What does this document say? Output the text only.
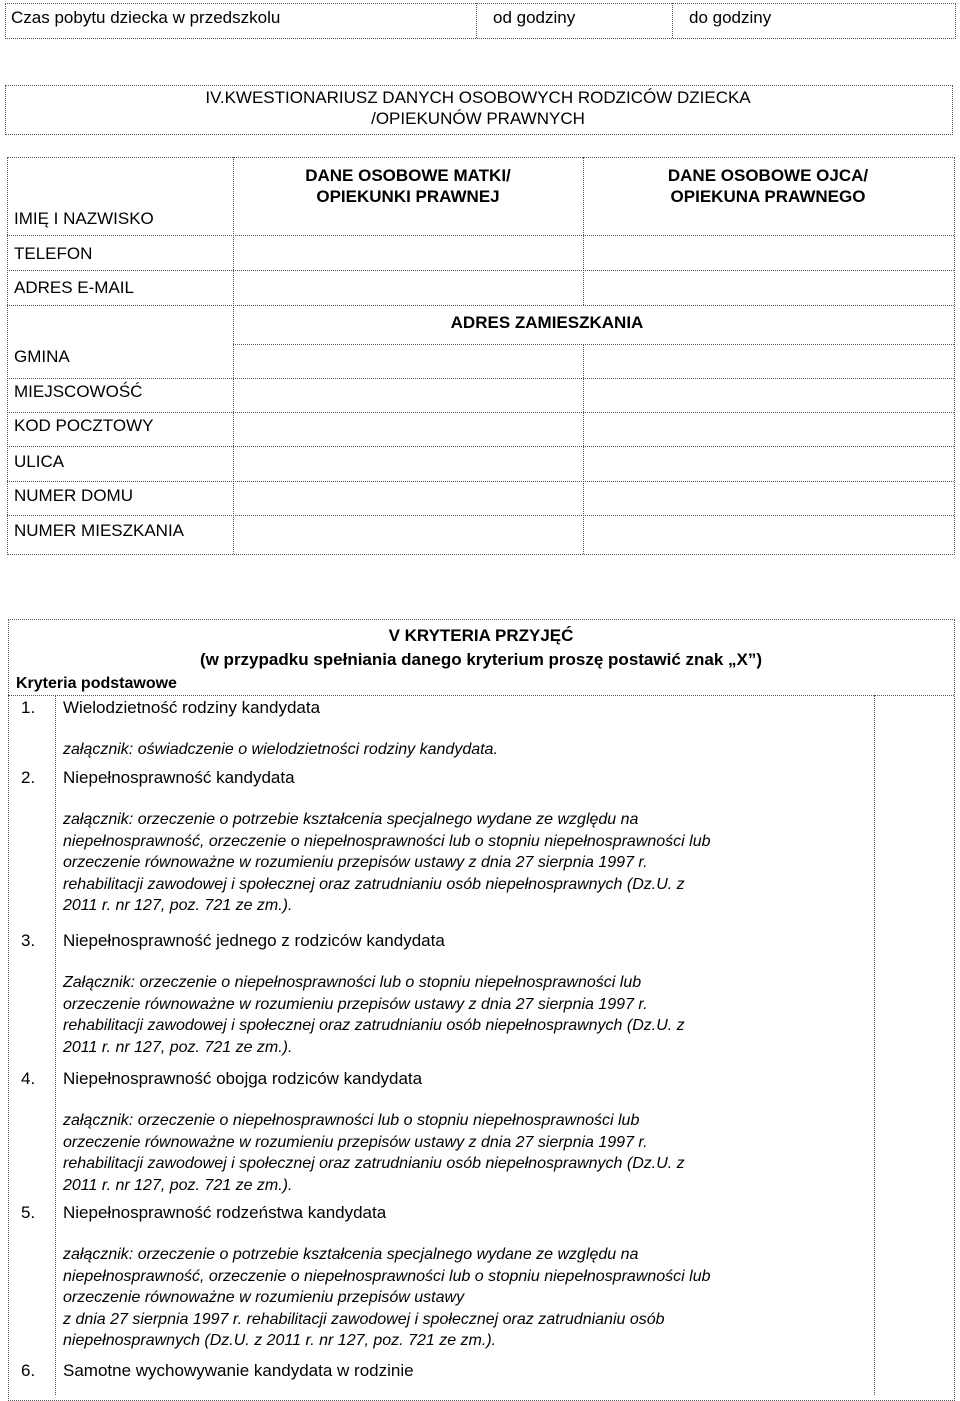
Czas pobytu dziecka w przedszkolu	od godziny	do godziny
IV.KWESTIONARIUSZ DANYCH OSOBOWYCH RODZICÓW DZIECKA
/OPIEKUNÓW PRAWNYCH
DANE OSOBOWE MATKI/
OPIEKUNKI PRAWNEJ
DANE OSOBOWE OJCA/
OPIEKUNA PRAWNEGO
ADRES ZAMIESZKANIA
IMIĘ I NAZWISKO
TELEFON
ADRES E-MAIL
GMINA
MIEJSCOWOŚĆ
KOD POCZTOWY
ULICA
NUMER DOMU
NUMER MIESZKANIA
V KRYTERIA PRZYJĘĆ
(w przypadku spełniania danego kryterium proszę postawić znak „X”)
Kryteria podstawowe
1. Wielodzietność rodziny kandydata
załącznik: oświadczenie o wielodzietności rodziny kandydata.
2. Niepełnosprawność kandydata
załącznik: orzeczenie o potrzebie kształcenia specjalnego wydane ze względu na
niepełnosprawność, orzeczenie o niepełnosprawności lub o stopniu niepełnosprawności lub
orzeczenie równoważne w rozumieniu przepisów ustawy z dnia 27 sierpnia 1997 r.
rehabilitacji zawodowej i społecznej oraz zatrudnianiu osób niepełnosprawnych (Dz.U. z
2011 r. nr 127, poz. 721 ze zm.).
3. Niepełnosprawność jednego z rodziców kandydata
Załącznik: orzeczenie o niepełnosprawności lub o stopniu niepełnosprawności lub
orzeczenie równoważne w rozumieniu przepisów ustawy z dnia 27 sierpnia 1997 r.
rehabilitacji zawodowej i społecznej oraz zatrudnianiu osób niepełnosprawnych (Dz.U. z
2011 r. nr 127, poz. 721 ze zm.).
4. Niepełnosprawność obojga rodziców kandydata
załącznik: orzeczenie o niepełnosprawności lub o stopniu niepełnosprawności lub
orzeczenie równoważne w rozumieniu przepisów ustawy z dnia 27 sierpnia 1997 r.
rehabilitacji zawodowej i społecznej oraz zatrudnianiu osób niepełnosprawnych (Dz.U. z
2011 r. nr 127, poz. 721 ze zm.).
5. Niepełnosprawność rodzeństwa kandydata
załącznik: orzeczenie o potrzebie kształcenia specjalnego wydane ze względu na
niepełnosprawność, orzeczenie o niepełnosprawności lub o stopniu niepełnosprawności lub
orzeczenie równoważne w rozumieniu przepisów ustawy
z dnia 27 sierpnia 1997 r. rehabilitacji zawodowej i społecznej oraz zatrudnianiu osób
niepełnosprawnych (Dz.U. z 2011 r. nr 127, poz. 721 ze zm.).
6. Samotne wychowywanie kandydata w rodzinie
